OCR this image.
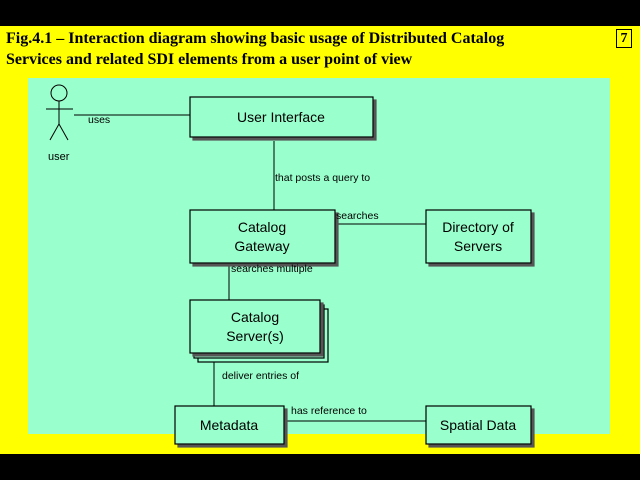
Fig.4.1 – Interaction diagram showing basic usage of Distributed Catalog
Services and related SDI elements from a user point of view
7
user
User Interface
Catalog
Gateway
Directory of
Servers
Catalog
Server(s)
Metadata	Spatial Data
uses
that posts a query to
searches
searches multiple
deliver entries of
has reference to
